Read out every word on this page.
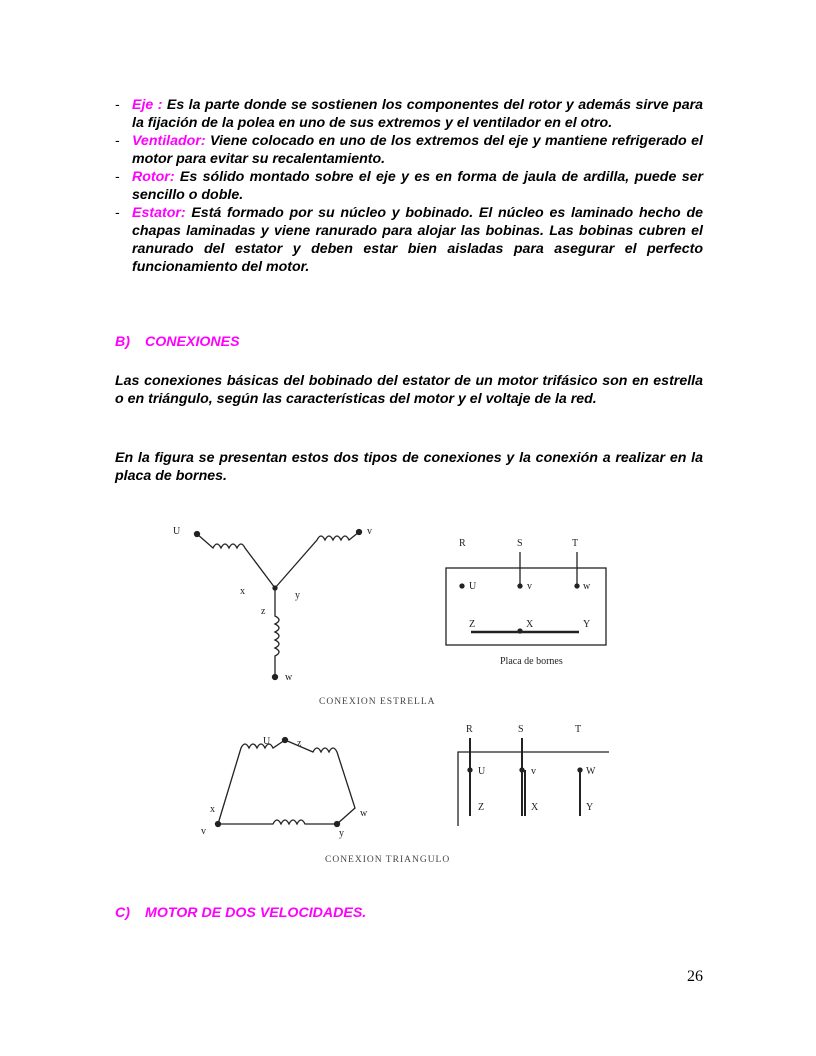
- Eje : Es la parte donde se sostienen los componentes del rotor y además sirve para la fijación de la polea en uno de sus extremos y el ventilador en el otro.
- Ventilador: Viene colocado en uno de los extremos del eje y mantiene refrigerado el motor para evitar su recalentamiento.
- Rotor: Es sólido montado sobre el eje y es en forma de jaula de ardilla, puede ser sencillo o doble.
- Estator: Está formado por su núcleo y bobinado. El núcleo es laminado hecho de chapas laminadas y viene ranurado para alojar las bobinas. Las bobinas cubren el ranurado del estator y deben estar bien aisladas para asegurar el perfecto funcionamiento del motor.
B) CONEXIONES
Las conexiones básicas del bobinado del estator de un motor trifásico son en estrella o en triángulo, según las características del motor y el voltaje de la red.
En la figura se presentan estos dos tipos de conexiones y la conexión a realizar en la placa de bornes.
U	v
w
x	y
z
R	S	T
U	v	w
Z	X	Y
Placa de bornes
CONEXION ESTRELLA
U	z
x	w
v	y
R	S	T
U	v	W
Z	X	Y
CONEXION TRIANGULO
C) MOTOR DE DOS VELOCIDADES.
26
